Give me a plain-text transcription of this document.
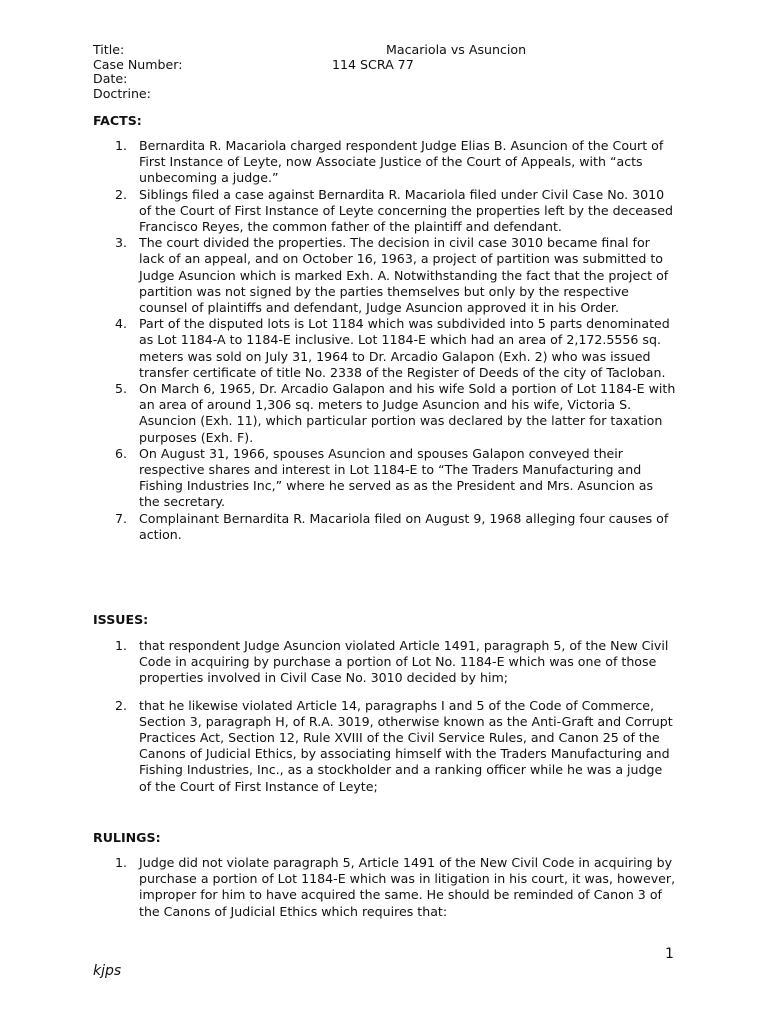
Title:	Macariola vs Asuncion
Case Number:	114 SCRA 77
Date:
Doctrine:
FACTS:
1. Bernardita R. Macariola charged respondent Judge Elias B. Asuncion of the Court of First Instance of Leyte, now Associate Justice of the Court of Appeals, with “acts unbecoming a judge.”
2. Siblings filed a case against Bernardita R. Macariola filed under Civil Case No. 3010 of the Court of First Instance of Leyte concerning the properties left by the deceased Francisco Reyes, the common father of the plaintiff and defendant.
3. The court divided the properties. The decision in civil case 3010 became final for lack of an appeal, and on October 16, 1963, a project of partition was submitted to Judge Asuncion which is marked Exh. A. Notwithstanding the fact that the project of partition was not signed by the parties themselves but only by the respective counsel of plaintiffs and defendant, Judge Asuncion approved it in his Order.
4. Part of the disputed lots is Lot 1184 which was subdivided into 5 parts denominated as Lot 1184-A to 1184-E inclusive. Lot 1184-E which had an area of 2,172.5556 sq. meters was sold on July 31, 1964 to Dr. Arcadio Galapon (Exh. 2) who was issued transfer certificate of title No. 2338 of the Register of Deeds of the city of Tacloban.
5. On March 6, 1965, Dr. Arcadio Galapon and his wife Sold a portion of Lot 1184-E with an area of around 1,306 sq. meters to Judge Asuncion and his wife, Victoria S. Asuncion (Exh. 11), which particular portion was declared by the latter for taxation purposes (Exh. F).
6. On August 31, 1966, spouses Asuncion and spouses Galapon conveyed their respective shares and interest in Lot 1184-E to “The Traders Manufacturing and Fishing Industries Inc,” where he served as as the President and Mrs. Asuncion as the secretary.
7. Complainant Bernardita R. Macariola filed on August 9, 1968 alleging four causes of action.
ISSUES:
1. that respondent Judge Asuncion violated Article 1491, paragraph 5, of the New Civil Code in acquiring by purchase a portion of Lot No. 1184-E which was one of those properties involved in Civil Case No. 3010 decided by him;
2. that he likewise violated Article 14, paragraphs I and 5 of the Code of Commerce, Section 3, paragraph H, of R.A. 3019, otherwise known as the Anti-Graft and Corrupt Practices Act, Section 12, Rule XVIII of the Civil Service Rules, and Canon 25 of the Canons of Judicial Ethics, by associating himself with the Traders Manufacturing and Fishing Industries, Inc., as a stockholder and a ranking officer while he was a judge of the Court of First Instance of Leyte;
RULINGS:
1. Judge did not violate paragraph 5, Article 1491 of the New Civil Code in acquiring by purchase a portion of Lot 1184-E which was in litigation in his court, it was, however, improper for him to have acquired the same. He should be reminded of Canon 3 of the Canons of Judicial Ethics which requires that:
1
kjps
